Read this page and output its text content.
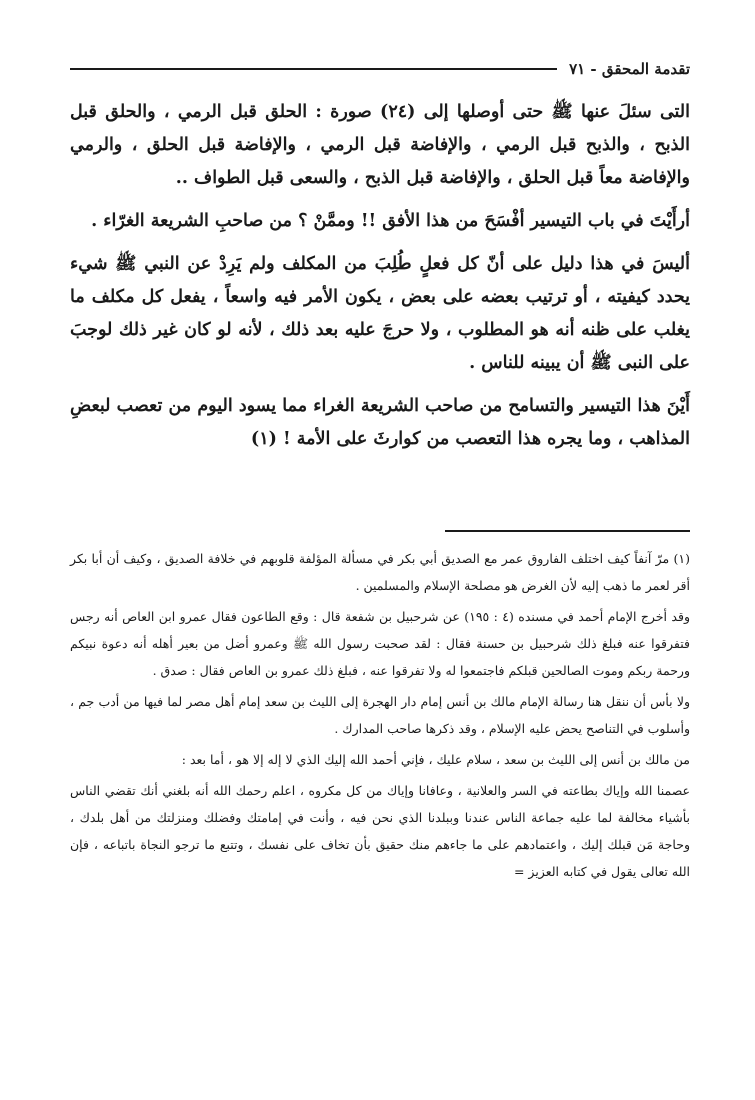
تقدمة المحقق - ٧١

التى سئلَ عنها ﷺ حتى أوصلها إلى (٢٤) صورة : الحلق قبل الرمي ، والحلق قبل الذبح ، والذبح قبل الرمي ، والإفاضة قبل الرمي ، والإفاضة قبل الحلق ، والرمي والإفاضة معاً قبل الحلق ، والإفاضة قبل الذبح ، والسعى قبل الطواف ..

أرأَيْتَ في باب التيسير أفْسَحَ من هذا الأفق !! وممَّنْ ؟ من صاحبِ الشريعة الغرّاء .

أليسَ في هذا دليل على أنّ كل فعلٍ طُلِبَ من المكلف ولم يَرِدْ عن النبي ﷺ شيء يحدد كيفيته ، أو ترتيب بعضه على بعض ، يكون الأمر فيه واسعاً ، يفعل كل مكلف ما يغلب على ظنه أنه هو المطلوب ، ولا حرجَ عليه بعد ذلك ، لأنه لو كان غير ذلك لوجبَ على النبى ﷺ أن يبينه للناس .

أَيْنَ هذا التيسير والتسامح من صاحب الشريعة الغراء مما يسود اليوم من تعصب لبعضِ المذاهب ، وما يجره هذا التعصب من كوارثَ على الأمة ! (١)

(١) مرّ آنفاً كيف اختلف الفاروق عمر مع الصديق أبي بكر في مسألة المؤلفة قلوبهم في خلافة الصديق ، وكيف أن أبا بكر أقر لعمر ما ذهب إليه لأن الغرض هو مصلحة الإسلام والمسلمين .

وقد أخرج الإمام أحمد في مسنده (٤ : ١٩٥) عن شرحبيل بن شفعة قال : وقع الطاعون فقال عمرو ابن العاص أنه رجس فتفرقوا عنه فبلغ ذلك شرحبيل بن حسنة فقال : لقد صحبت رسول الله ﷺ وعمرو أضل من بعير أهله أنه دعوة نبيكم ورحمة ربكم وموت الصالحين قبلكم فاجتمعوا له ولا تفرقوا عنه ، فبلغ ذلك عمرو بن العاص فقال : صدق .

ولا بأس أن ننقل هنا رسالة الإمام مالك بن أنس إمام دار الهجرة إلى الليث بن سعد إمام أهل مصر لما فيها من أدب جم ، وأسلوب في التناصح يحض عليه الإسلام ، وقد ذكرها صاحب المدارك .

من مالك بن أنس إلى الليث بن سعد ، سلام عليك ، فإني أحمد الله إليك الذي لا إله إلا هو ، أما بعد :

عصمنا الله وإياك بطاعته في السر والعلانية ، وعافانا وإياك من كل مكروه ، اعلم رحمك الله أنه بلغني أنك تقضي الناس بأشياء مخالفة لما عليه جماعة الناس عندنا وببلدنا الذي نحن فيه ، وأنت في إمامتك وفضلك ومنزلتك من أهل بلدك ، وحاجة مَن قبلك إليك ، واعتمادهم على ما جاءهم منك حقيق بأن تخاف على نفسك ، وتتبع ما ترجو النجاة باتباعه ، فإن الله تعالى يقول في كتابه العزيز =
